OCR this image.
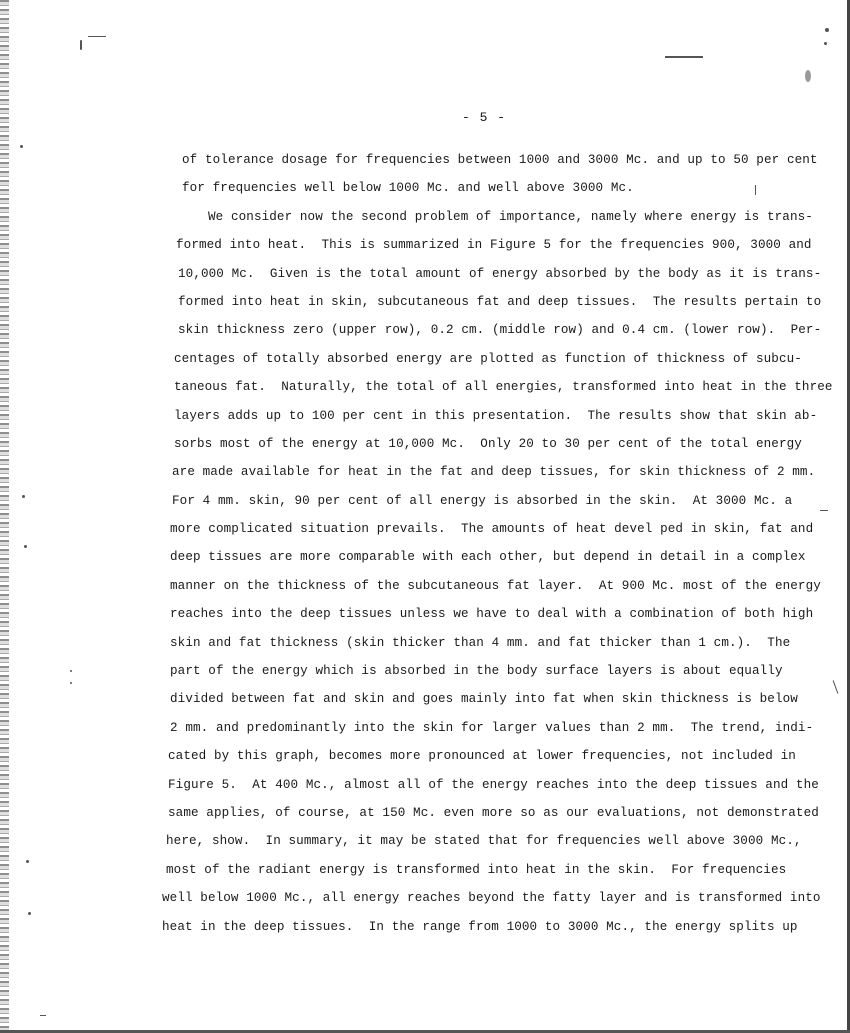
- 5 -
of tolerance dosage for frequencies between 1000 and 3000 Mc. and up to 50 per cent
for frequencies well below 1000 Mc. and well above 3000 Mc.
We consider now the second problem of importance, namely where energy is trans-
formed into heat.  This is summarized in Figure 5 for the frequencies 900, 3000 and
10,000 Mc.  Given is the total amount of energy absorbed by the body as it is trans-
formed into heat in skin, subcutaneous fat and deep tissues.  The results pertain to
skin thickness zero (upper row), 0.2 cm. (middle row) and 0.4 cm. (lower row).  Per-
centages of totally absorbed energy are plotted as function of thickness of subcu-
taneous fat.  Naturally, the total of all energies, transformed into heat in the three
layers adds up to 100 per cent in this presentation.  The results show that skin ab-
sorbs most of the energy at 10,000 Mc.  Only 20 to 30 per cent of the total energy
are made available for heat in the fat and deep tissues, for skin thickness of 2 mm.
For 4 mm. skin, 90 per cent of all energy is absorbed in the skin.  At 3000 Mc. a
more complicated situation prevails.  The amounts of heat devel ped in skin, fat and
deep tissues are more comparable with each other, but depend in detail in a complex
manner on the thickness of the subcutaneous fat layer.  At 900 Mc. most of the energy
reaches into the deep tissues unless we have to deal with a combination of both high
skin and fat thickness (skin thicker than 4 mm. and fat thicker than 1 cm.).  The
part of the energy which is absorbed in the body surface layers is about equally
divided between fat and skin and goes mainly into fat when skin thickness is below
2 mm. and predominantly into the skin for larger values than 2 mm.  The trend, indi-
cated by this graph, becomes more pronounced at lower frequencies, not included in
Figure 5.  At 400 Mc., almost all of the energy reaches into the deep tissues and the
same applies, of course, at 150 Mc. even more so as our evaluations, not demonstrated
here, show.  In summary, it may be stated that for frequencies well above 3000 Mc.,
most of the radiant energy is transformed into heat in the skin.  For frequencies
well below 1000 Mc., all energy reaches beyond the fatty layer and is transformed into
heat in the deep tissues.  In the range from 1000 to 3000 Mc., the energy splits up
